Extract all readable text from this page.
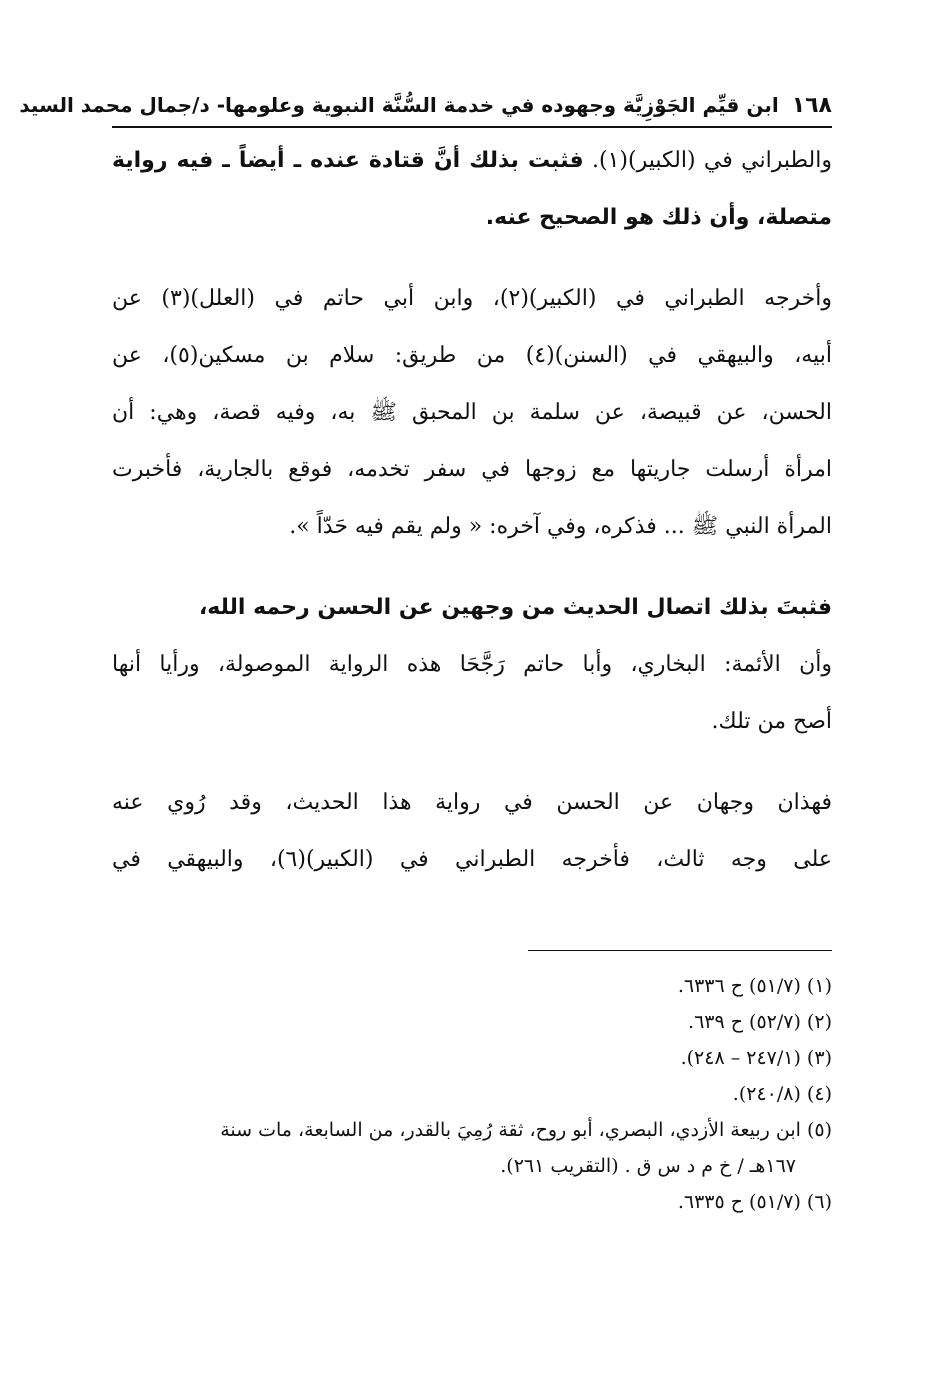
١٦٨ ابن قيِّم الجَوْزِيَّة وجهوده في خدمة السُّنَّة النبوية وعلومها- د/جمال محمد السيد
والطبراني في (الكبير)(١). فثبت بذلك أنَّ قتادة عنده ـ أيضاً ـ فيه رواية
متصلة، وأن ذلك هو الصحيح عنه.
وأخرجه الطبراني في (الكبير)(٢)، وابن أبي حاتم في (العلل)(٣) عن
أبيه، والبيهقي في (السنن)(٤) من طريق: سلام بن مسكين(٥)، عن
الحسن، عن قبيصة، عن سلمة بن المحبق ﷺ به، وفيه قصة، وهي: أن
امرأة أرسلت جاريتها مع زوجها في سفر تخدمه، فوقع بالجارية، فأخبرت
المرأة النبي ﷺ ... فذكره، وفي آخره: « ولم يقم فيه حَدّاً ».
فثبتَ بذلك اتصال الحديث من وجهين عن الحسن رحمه الله،
وأن الأئمة: البخاري، وأبا حاتم رَجَّحَا هذه الرواية الموصولة، ورأيا أنها
أصح من تلك.
فهذان وجهان عن الحسن في رواية هذا الحديث، وقد رُوي عنه
على وجه ثالث، فأخرجه الطبراني في (الكبير)(٦)، والبيهقي في
(١) (٥١/٧) ح ٦٣٣٦.
(٢) (٥٢/٧) ح ٦٣٩.
(٣) (٢٤٧/١ – ٢٤٨).
(٤) (٢٤٠/٨).
(٥) ابن ربيعة الأزدي، البصري، أبو روح، ثقة رُمِيَ بالقدر، من السابعة، مات سنة
١٦٧هـ / خ م د س ق . (التقريب ٢٦١).
(٦) (٥١/٧) ح ٦٣٣٥.
